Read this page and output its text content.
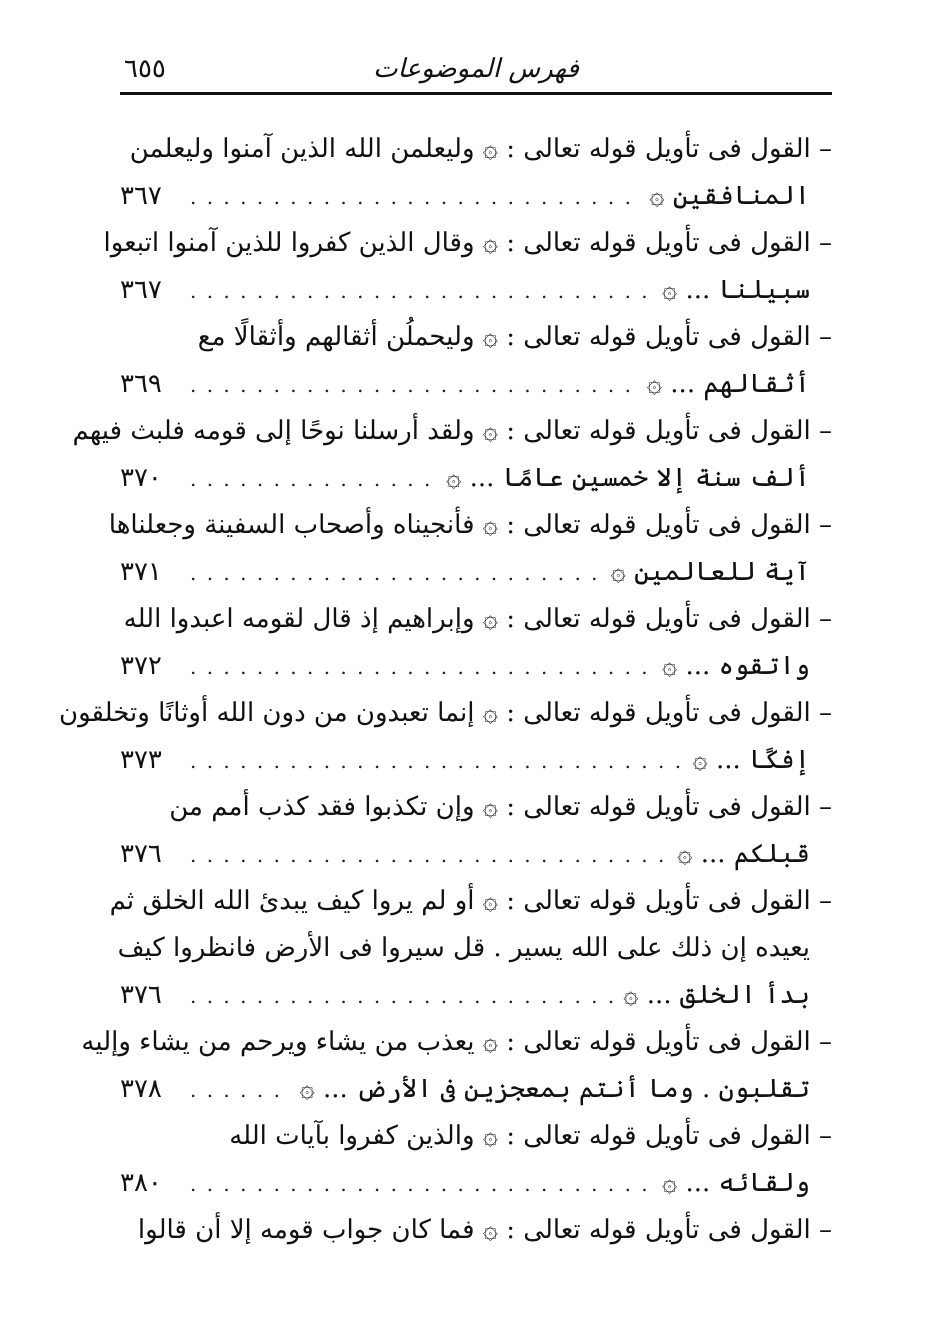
فهرس الموضوعات
٦٥٥
– القول فى تأويل قوله تعالى : ۞ وليعلمن الله الذين آمنوا وليعلمن
المنافقين ۞
. . .
٣٦٧
– القول فى تأويل قوله تعالى : ۞ وقال الذين كفروا للذين آمنوا اتبعوا
سبيلنا ... ۞
. . .
٣٦٧
– القول فى تأويل قوله تعالى : ۞ وليحملُن أثقالهم وأثقالًا مع
أثقالهم ... ۞
. . .
٣٦٩
– القول فى تأويل قوله تعالى : ۞ ولقد أرسلنا نوحًا إلى قومه فلبث فيهم
ألف سنة إلا خمسين عامًا ... ۞
. . .
٣٧٠
– القول فى تأويل قوله تعالى : ۞ فأنجيناه وأصحاب السفينة وجعلناها
آية للعالمين ۞
. . .
٣٧١
– القول فى تأويل قوله تعالى : ۞ وإبراهيم إذ قال لقومه اعبدوا الله
واتقوه ... ۞
. . .
٣٧٢
– القول فى تأويل قوله تعالى : ۞ إنما تعبدون من دون الله أوثانًا وتخلقون
إفكًا ... ۞
. . .
٣٧٣
– القول فى تأويل قوله تعالى : ۞ وإن تكذبوا فقد كذب أمم من
قبلكم ... ۞
. . .
٣٧٦
– القول فى تأويل قوله تعالى : ۞ أو لم يروا كيف يبدئ الله الخلق ثم
يعيده إن ذلك على الله يسير . قل سيروا فى الأرض فانظروا كيف
بدأ الخلق ... ۞
. . .
٣٧٦
– القول فى تأويل قوله تعالى : ۞ يعذب من يشاء ويرحم من يشاء وإليه
تقلبون . وما أنتم بمعجزين فى الأرض ... ۞
. . .
٣٧٨
– القول فى تأويل قوله تعالى : ۞ والذين كفروا بآيات الله
ولقائه ... ۞
. . .
٣٨٠
– القول فى تأويل قوله تعالى : ۞ فما كان جواب قومه إلا أن قالوا
